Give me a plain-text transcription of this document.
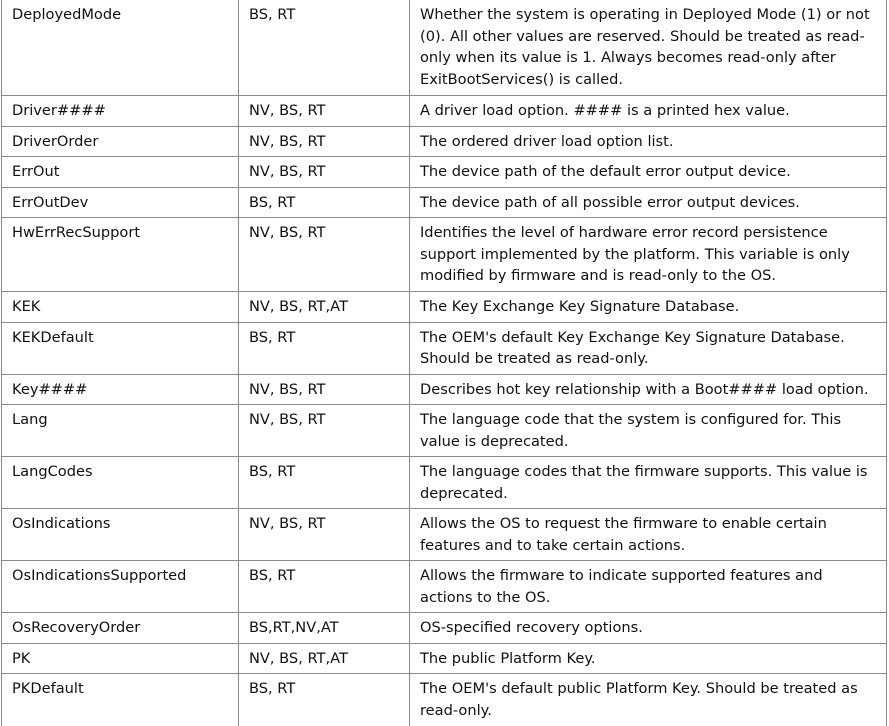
DeployedMode	BS, RT	Whether the system is operating in Deployed Mode (1) or not (0). All other values are reserved. Should be treated as read-only when its value is 1. Always becomes read-only after ExitBootServices() is called.
Driver####	NV, BS, RT	A driver load option. #### is a printed hex value.
DriverOrder	NV, BS, RT	The ordered driver load option list.
ErrOut	NV, BS, RT	The device path of the default error output device.
ErrOutDev	BS, RT	The device path of all possible error output devices.
HwErrRecSupport	NV, BS, RT	Identifies the level of hardware error record persistence support implemented by the platform. This variable is only modified by firmware and is read-only to the OS.
KEK	NV, BS, RT,AT	The Key Exchange Key Signature Database.
KEKDefault	BS, RT	The OEM's default Key Exchange Key Signature Database. Should be treated as read-only.
Key####	NV, BS, RT	Describes hot key relationship with a Boot#### load option.
Lang	NV, BS, RT	The language code that the system is configured for. This value is deprecated.
LangCodes	BS, RT	The language codes that the firmware supports. This value is deprecated.
OsIndications	NV, BS, RT	Allows the OS to request the firmware to enable certain features and to take certain actions.
OsIndicationsSupported	BS, RT	Allows the firmware to indicate supported features and actions to the OS.
OsRecoveryOrder	BS,RT,NV,AT	OS-specified recovery options.
PK	NV, BS, RT,AT	The public Platform Key.
PKDefault	BS, RT	The OEM's default public Platform Key. Should be treated as read-only.
